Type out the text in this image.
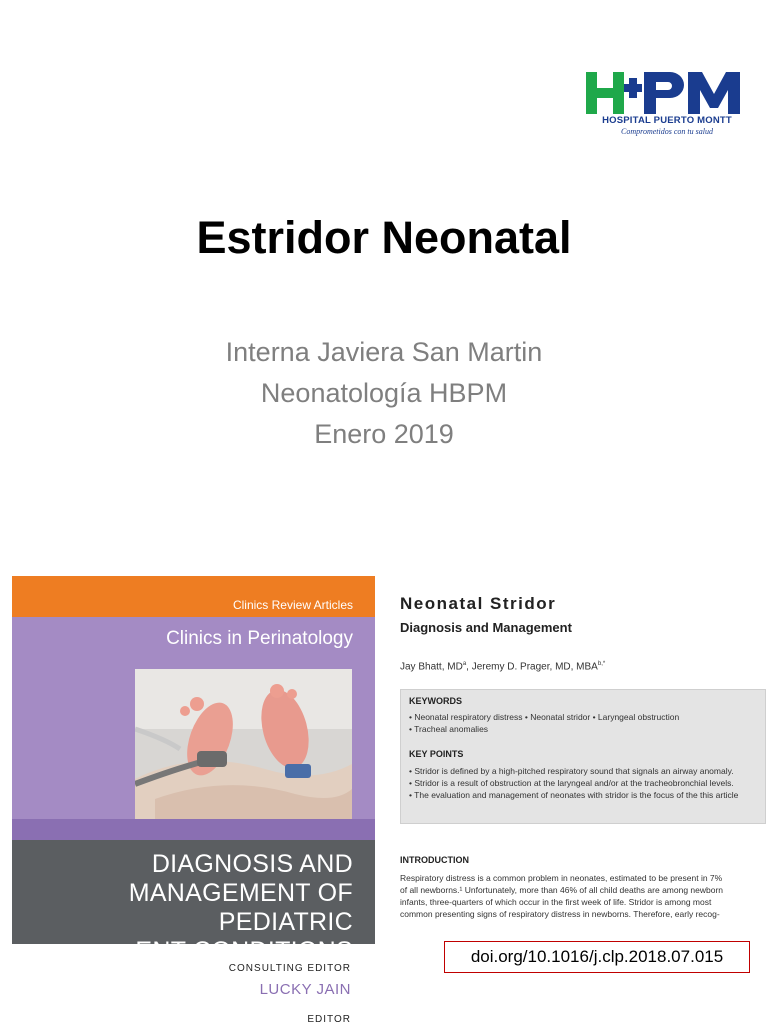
HOSPITAL PUERTO MONTT
Comprometidos con tu salud
Estridor Neonatal
Interna Javiera San Martin
Neonatología HBPM
Enero 2019
Clinics Review Articles
Clinics in Perinatology
DIAGNOSIS AND
MANAGEMENT OF PEDIATRIC
ENT CONDITIONS
CONSULTING EDITOR
LUCKY JAIN
EDITOR
Neonatal Stridor
Diagnosis and Management
Jay Bhatt, $MD^a$, Jeremy D. Prager, MD, $MBA^{b,*}$
KEYWORDS
• Neonatal respiratory distress • Neonatal stridor • Laryngeal obstruction
• Tracheal anomalies
KEY POINTS
• Stridor is defined by a high-pitched respiratory sound that signals an airway anomaly.
• Stridor is a result of obstruction at the laryngeal and/or at the tracheobronchial levels.
• The evaluation and management of neonates with stridor is the focus of the this article
INTRODUCTION
Respiratory distress is a common problem in neonates, estimated to be present in 7%
of all newborns.¹ Unfortunately, more than 46% of all child deaths are among newborn
infants, three-quarters of which occur in the first week of life. Stridor is among most
common presenting signs of respiratory distress in newborns. Therefore, early recog-
doi.org/10.1016/j.clp.2018.07.015
